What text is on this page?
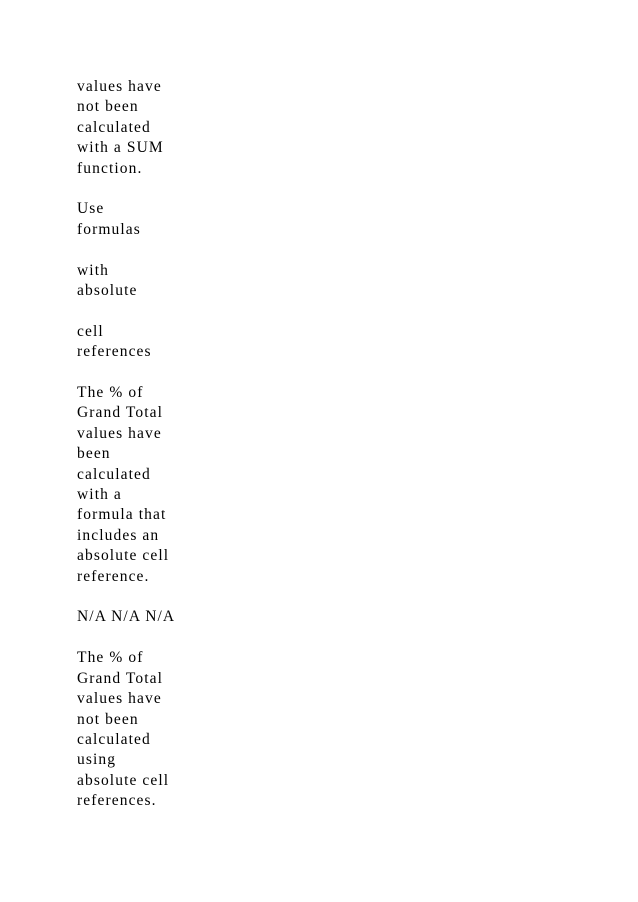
values have
not been
calculated
with a SUM
function.

Use
formulas

with
absolute

cell
references

The % of
Grand Total
values have
been
calculated
with a
formula that
includes an
absolute cell
reference.

N/A N/A N/A

The % of
Grand Total
values have
not been
calculated
using
absolute cell
references.
